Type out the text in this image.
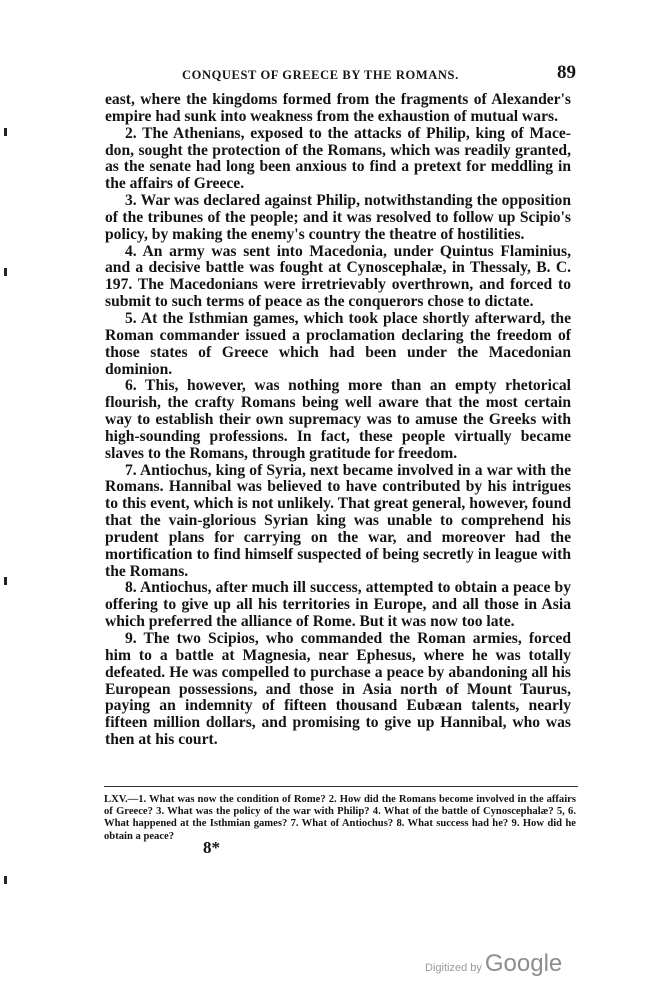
CONQUEST OF GREECE BY THE ROMANS.	89

east, where the kingdoms formed from the fragments of Alexander's empire had sunk into weakness from the exhaustion of mutual wars.

2. The Athenians, exposed to the attacks of Philip, king of Macedon, sought the protection of the Romans, which was readily granted, as the senate had long been anxious to find a pretext for meddling in the affairs of Greece.

3. War was declared against Philip, notwithstanding the opposition of the tribunes of the people; and it was resolved to follow up Scipio's policy, by making the enemy's country the theatre of hostilities.

4. An army was sent into Macedonia, under Quintus Flaminius, and a decisive battle was fought at Cynoscephalæ, in Thessaly, B. C. 197. The Macedonians were irretrievably overthrown, and forced to submit to such terms of peace as the conquerors chose to dictate.

5. At the Isthmian games, which took place shortly afterward, the Roman commander issued a proclamation declaring the freedom of those states of Greece which had been under the Macedonian dominion.

6. This, however, was nothing more than an empty rhetorical flourish, the crafty Romans being well aware that the most certain way to establish their own supremacy was to amuse the Greeks with high-sounding professions. In fact, these people virtually became slaves to the Romans, through gratitude for freedom.

7. Antiochus, king of Syria, next became involved in a war with the Romans. Hannibal was believed to have contributed by his intrigues to this event, which is not unlikely. That great general, however, found that the vain-glorious Syrian king was unable to comprehend his prudent plans for carrying on the war, and moreover had the mortification to find himself suspected of being secretly in league with the Romans.

8. Antiochus, after much ill success, attempted to obtain a peace by offering to give up all his territories in Europe, and all those in Asia which preferred the alliance of Rome. But it was now too late.

9. The two Scipios, who commanded the Roman armies, forced him to a battle at Magnesia, near Ephesus, where he was totally defeated. He was compelled to purchase a peace by abandoning all his European possessions, and those in Asia north of Mount Taurus, paying an indemnity of fifteen thousand Eubæan talents, nearly fifteen million dollars, and promising to give up Hannibal, who was then at his court.

LXV.—1. What was now the condition of Rome? 2. How did the Romans become involved in the affairs of Greece? 3. What was the policy of the war with Philip? 4. What of the battle of Cynoscephalæ? 5, 6. What happened at the Isthmian games? 7. What of Antiochus? 8. What success had he? 9. How did he obtain a peace?
8*
Digitized by Google
